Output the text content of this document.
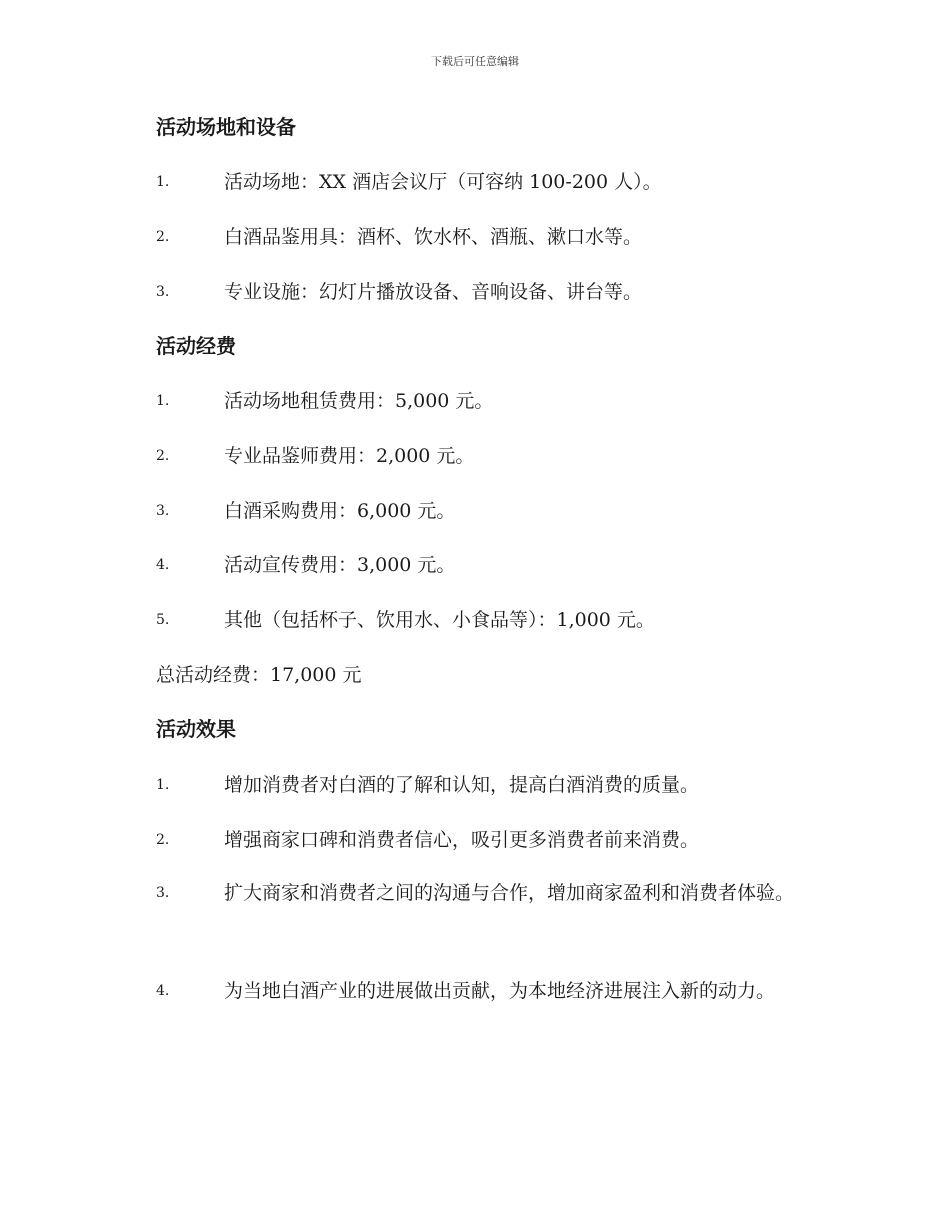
下载后可任意编辑
活动场地和设备
1.	活动场地：XX 酒店会议厅（可容纳 100-200 人）。
2.	白酒品鉴用具：酒杯、饮水杯、酒瓶、漱口水等。
3.	专业设施：幻灯片播放设备、音响设备、讲台等。
活动经费
1.	活动场地租赁费用：5,000 元。
2.	专业品鉴师费用：2,000 元。
3.	白酒采购费用：6,000 元。
4.	活动宣传费用：3,000 元。
5.	其他（包括杯子、饮用水、小食品等）：1,000 元。
总活动经费：17,000 元
活动效果
1.	增加消费者对白酒的了解和认知，提高白酒消费的质量。
2.	增强商家口碑和消费者信心，吸引更多消费者前来消费。
3.	扩大商家和消费者之间的沟通与合作，增加商家盈利和消费者体验。
4.	为当地白酒产业的进展做出贡献，为本地经济进展注入新的动力。
